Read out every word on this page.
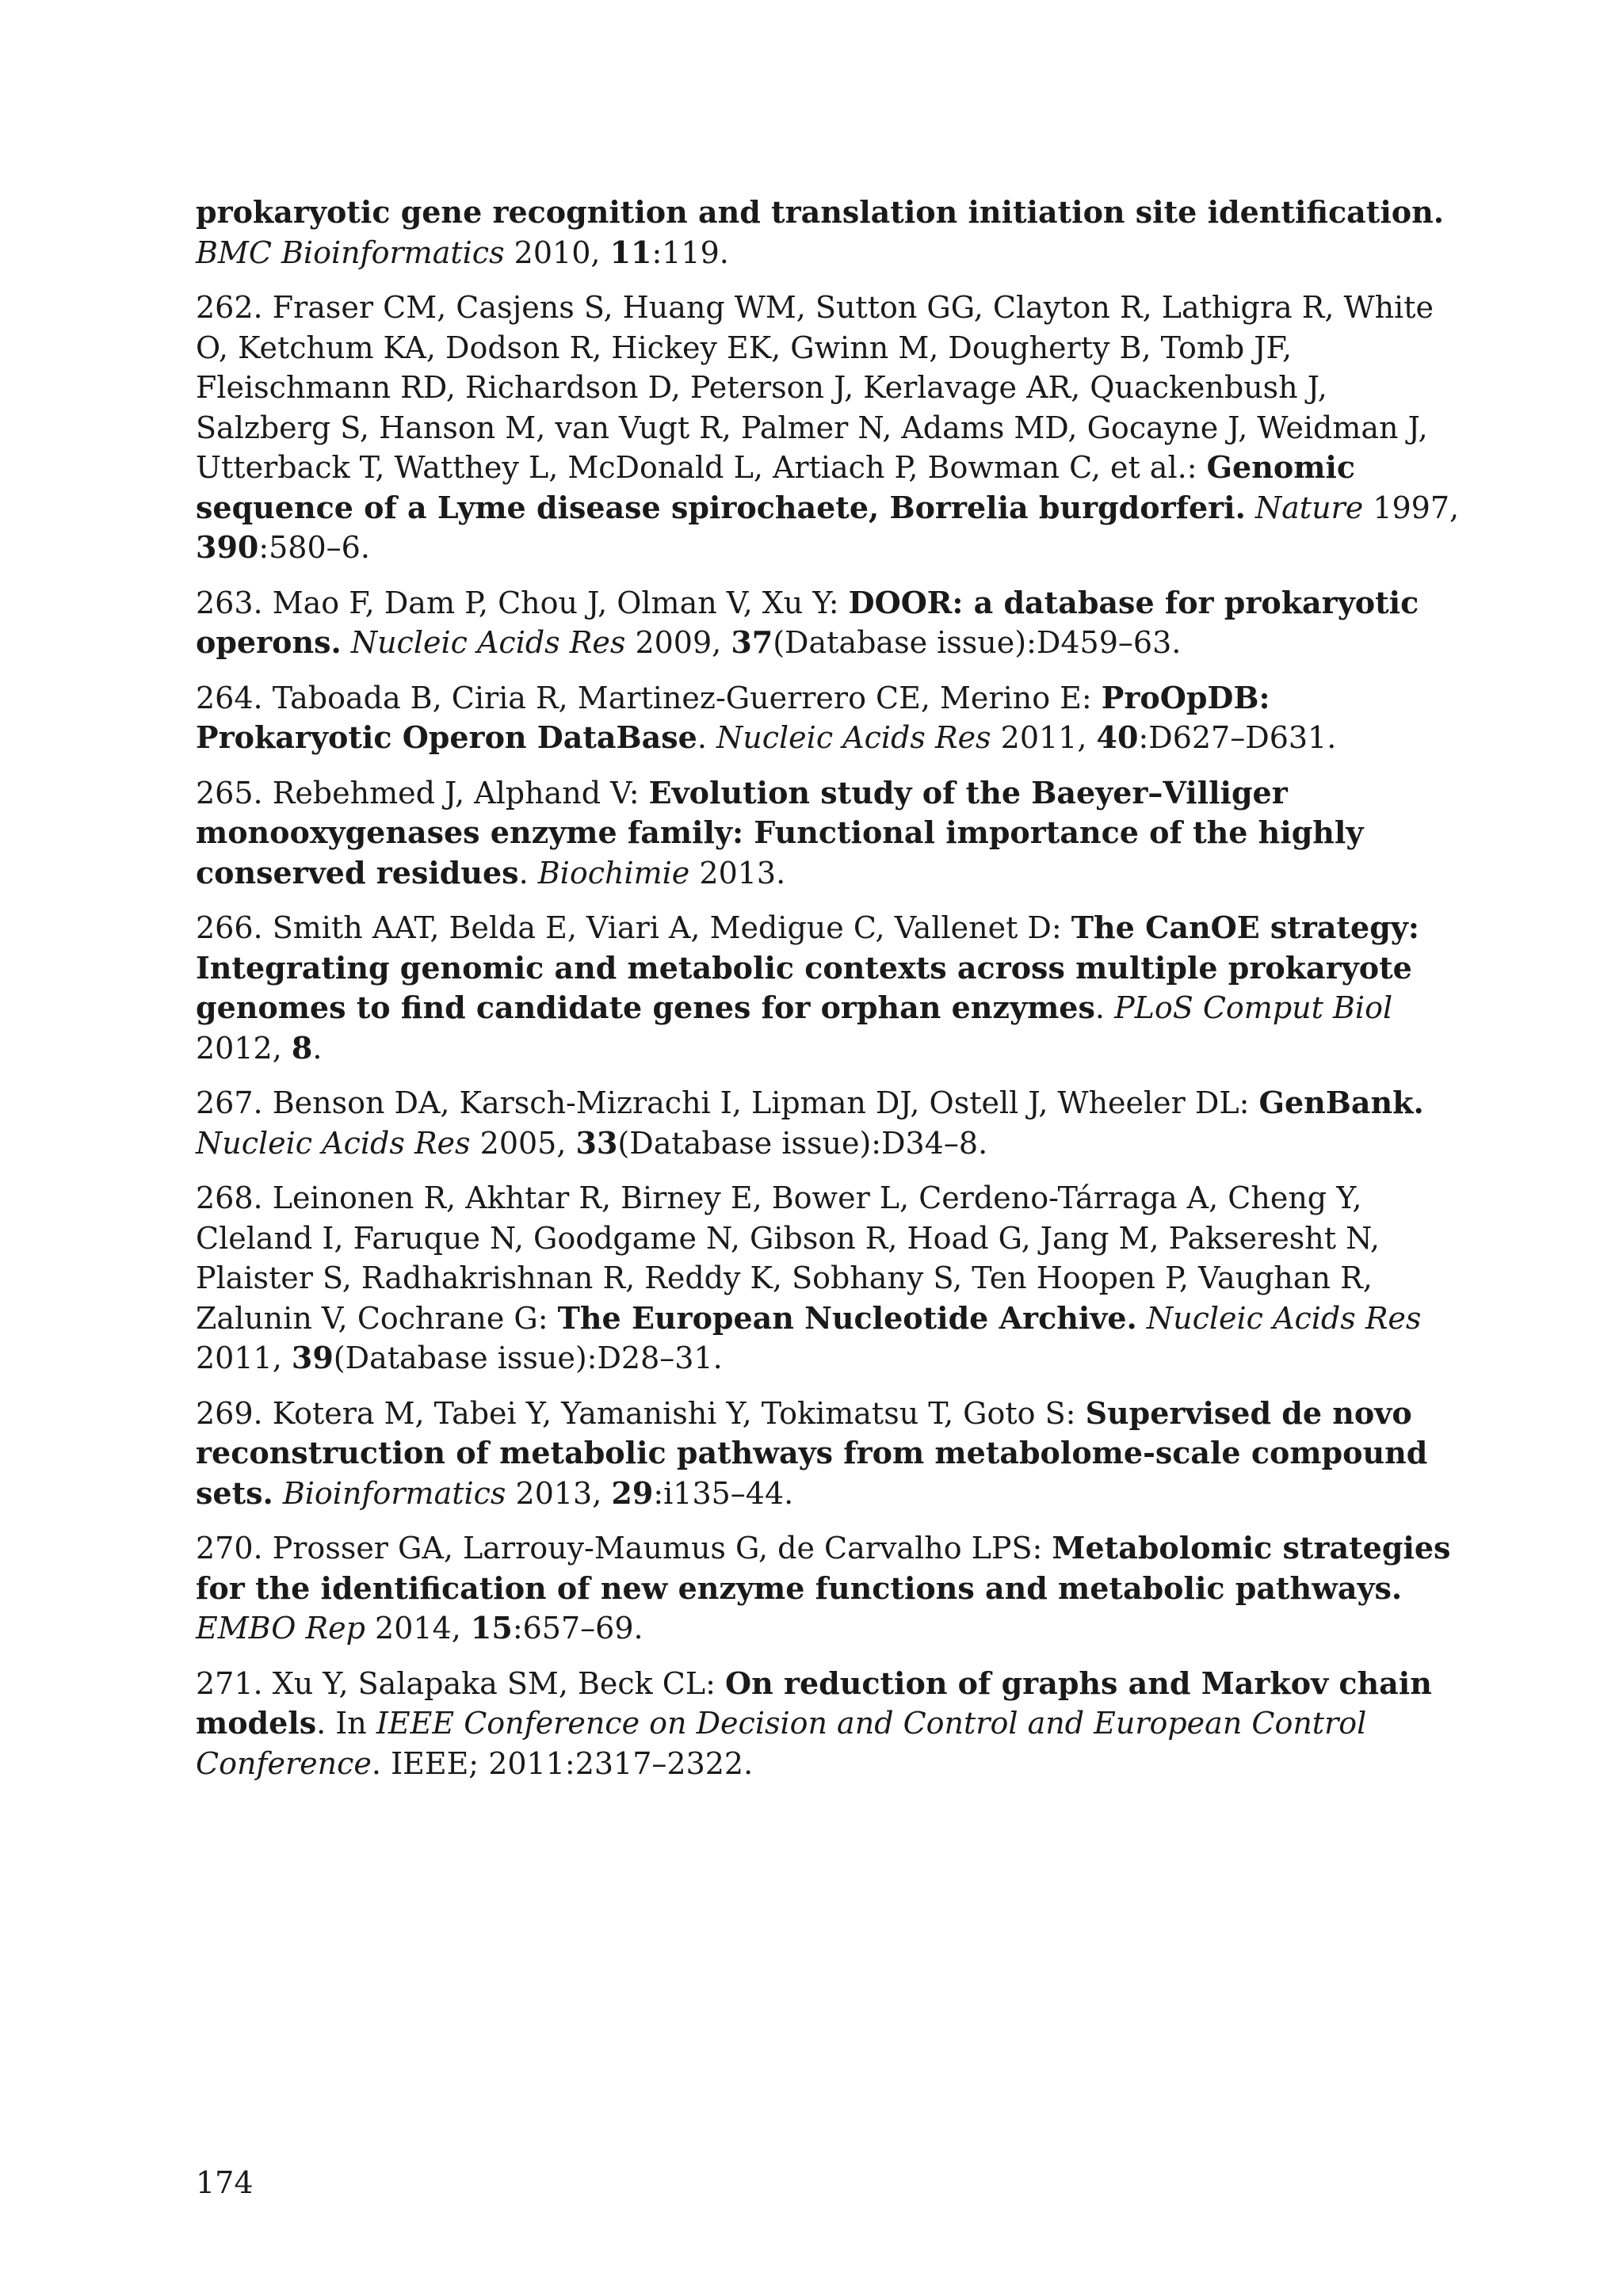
prokaryotic gene recognition and translation initiation site identification. BMC Bioinformatics 2010, 11:119.

262. Fraser CM, Casjens S, Huang WM, Sutton GG, Clayton R, Lathigra R, White O, Ketchum KA, Dodson R, Hickey EK, Gwinn M, Dougherty B, Tomb JF, Fleischmann RD, Richardson D, Peterson J, Kerlavage AR, Quackenbush J, Salzberg S, Hanson M, van Vugt R, Palmer N, Adams MD, Gocayne J, Weidman J, Utterback T, Watthey L, McDonald L, Artiach P, Bowman C, et al.: Genomic sequence of a Lyme disease spirochaete, Borrelia burgdorferi. Nature 1997, 390:580–6.

263. Mao F, Dam P, Chou J, Olman V, Xu Y: DOOR: a database for prokaryotic operons. Nucleic Acids Res 2009, 37(Database issue):D459–63.

264. Taboada B, Ciria R, Martinez-Guerrero CE, Merino E: ProOpDB: Prokaryotic Operon DataBase. Nucleic Acids Res 2011, 40:D627–D631.

265. Rebehmed J, Alphand V: Evolution study of the Baeyer–Villiger monooxygenases enzyme family: Functional importance of the highly conserved residues. Biochimie 2013.

266. Smith AAT, Belda E, Viari A, Medigue C, Vallenet D: The CanOE strategy: Integrating genomic and metabolic contexts across multiple prokaryote genomes to find candidate genes for orphan enzymes. PLoS Comput Biol 2012, 8.

267. Benson DA, Karsch-Mizrachi I, Lipman DJ, Ostell J, Wheeler DL: GenBank. Nucleic Acids Res 2005, 33(Database issue):D34–8.

268. Leinonen R, Akhtar R, Birney E, Bower L, Cerdeno-Tárraga A, Cheng Y, Cleland I, Faruque N, Goodgame N, Gibson R, Hoad G, Jang M, Pakseresht N, Plaister S, Radhakrishnan R, Reddy K, Sobhany S, Ten Hoopen P, Vaughan R, Zalunin V, Cochrane G: The European Nucleotide Archive. Nucleic Acids Res 2011, 39(Database issue):D28–31.

269. Kotera M, Tabei Y, Yamanishi Y, Tokimatsu T, Goto S: Supervised de novo reconstruction of metabolic pathways from metabolome-scale compound sets. Bioinformatics 2013, 29:i135–44.

270. Prosser GA, Larrouy-Maumus G, de Carvalho LPS: Metabolomic strategies for the identification of new enzyme functions and metabolic pathways. EMBO Rep 2014, 15:657–69.

271. Xu Y, Salapaka SM, Beck CL: On reduction of graphs and Markov chain models. In IEEE Conference on Decision and Control and European Control Conference. IEEE; 2011:2317–2322.

174
